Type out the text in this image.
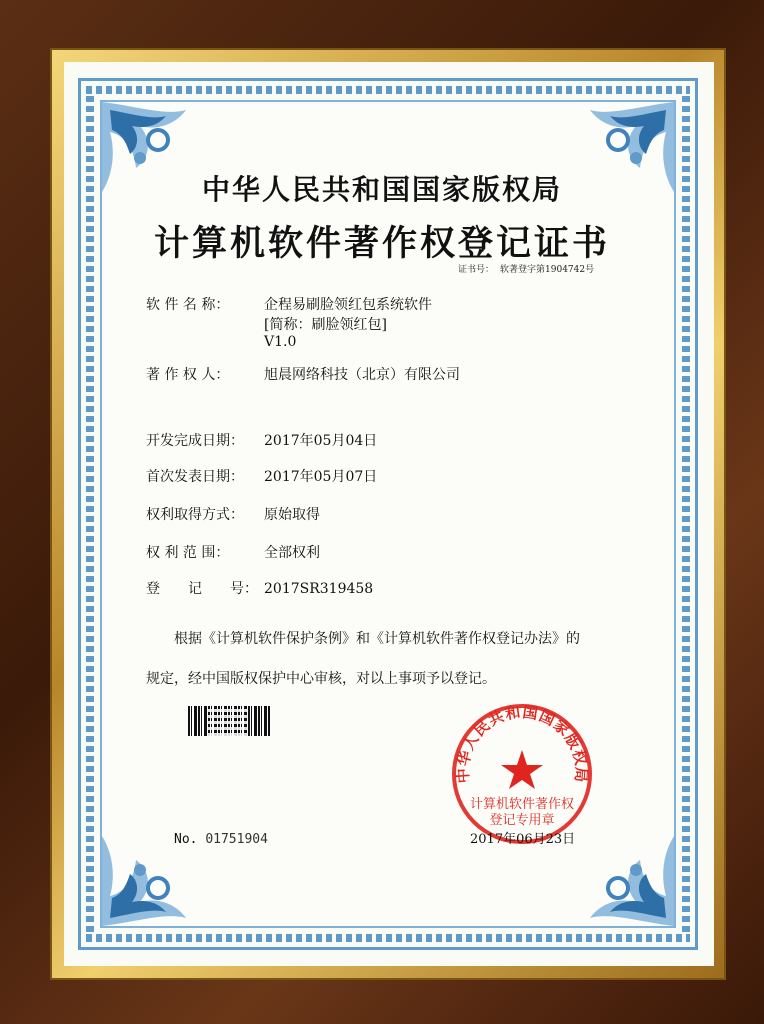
中华人民共和国国家版权局
计算机软件著作权登记证书
证书号： 软著登字第1904742号
软 件 名 称： 企程易刷脸领红包系统软件
[简称：刷脸领红包]
V1.0
著 作 权 人： 旭晨网络科技（北京）有限公司
开发完成日期： 2017年05月04日
首次发表日期： 2017年05月07日
权利取得方式： 原始取得
权 利 范 围： 全部权利
登　　记　　号： 2017SR319458
根据《计算机软件保护条例》和《计算机软件著作权登记办法》的
规定，经中国版权保护中心审核，对以上事项予以登记。
中华人民共和国国家版权局
计算机软件著作权
登记专用章
No. 01751904	2017年06月23日
